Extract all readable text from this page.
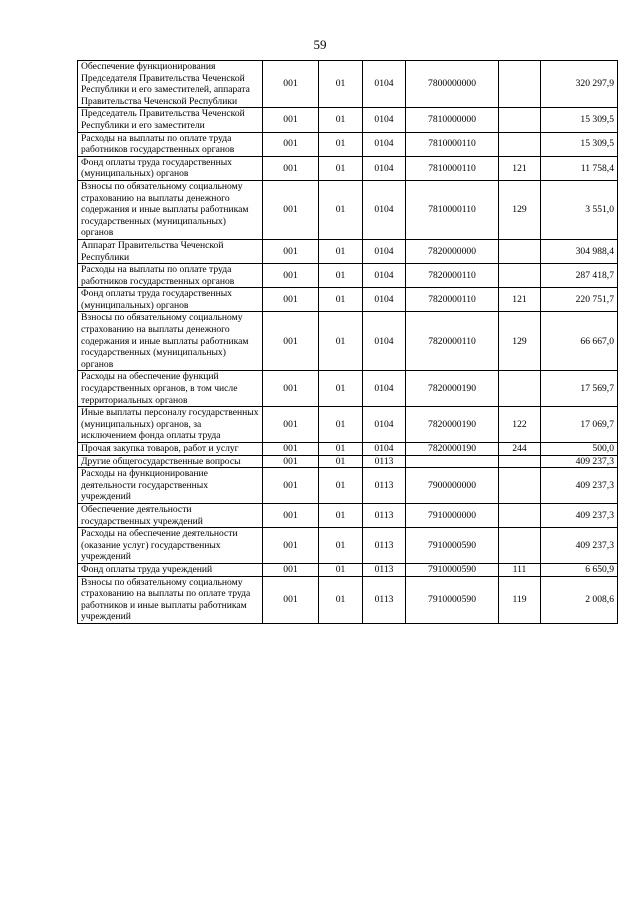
59
Обеспечение функционирования Председателя Правительства Чеченской Республики и его заместителей, аппарата Правительства Чеченской Республики	001	01	0104	7800000000		320 297,9
Председатель Правительства Чеченской Республики и его заместители	001	01	0104	7810000000		15 309,5
Расходы на выплаты по оплате труда работников государственных органов	001	01	0104	7810000110		15 309,5
Фонд оплаты труда государственных (муниципальных) органов	001	01	0104	7810000110	121	11 758,4
Взносы по обязательному социальному страхованию на выплаты денежного содержания и иные выплаты работникам государственных (муниципальных) органов	001	01	0104	7810000110	129	3 551,0
Аппарат Правительства Чеченской Республики	001	01	0104	7820000000		304 988,4
Расходы на выплаты по оплате труда работников государственных органов	001	01	0104	7820000110		287 418,7
Фонд оплаты труда государственных (муниципальных) органов	001	01	0104	7820000110	121	220 751,7
Взносы по обязательному социальному страхованию на выплаты денежного содержания и иные выплаты работникам государственных (муниципальных) органов	001	01	0104	7820000110	129	66 667,0
Расходы на обеспечение функций государственных органов, в том числе территориальных органов	001	01	0104	7820000190		17 569,7
Иные выплаты персоналу государственных (муниципальных) органов, за исключением фонда оплаты труда	001	01	0104	7820000190	122	17 069,7
Прочая закупка товаров, работ и услуг	001	01	0104	7820000190	244	500,0
Другие общегосударственные вопросы	001	01	0113			409 237,3
Расходы на функционирование деятельности государственных учреждений	001	01	0113	7900000000		409 237,3
Обеспечение деятельности государственных учреждений	001	01	0113	7910000000		409 237,3
Расходы на обеспечение деятельности (оказание услуг) государственных учреждений	001	01	0113	7910000590		409 237,3
Фонд оплаты труда учреждений	001	01	0113	7910000590	111	6 650,9
Взносы по обязательному социальному страхованию на выплаты по оплате труда работников и иные выплаты работникам учреждений	001	01	0113	7910000590	119	2 008,6
